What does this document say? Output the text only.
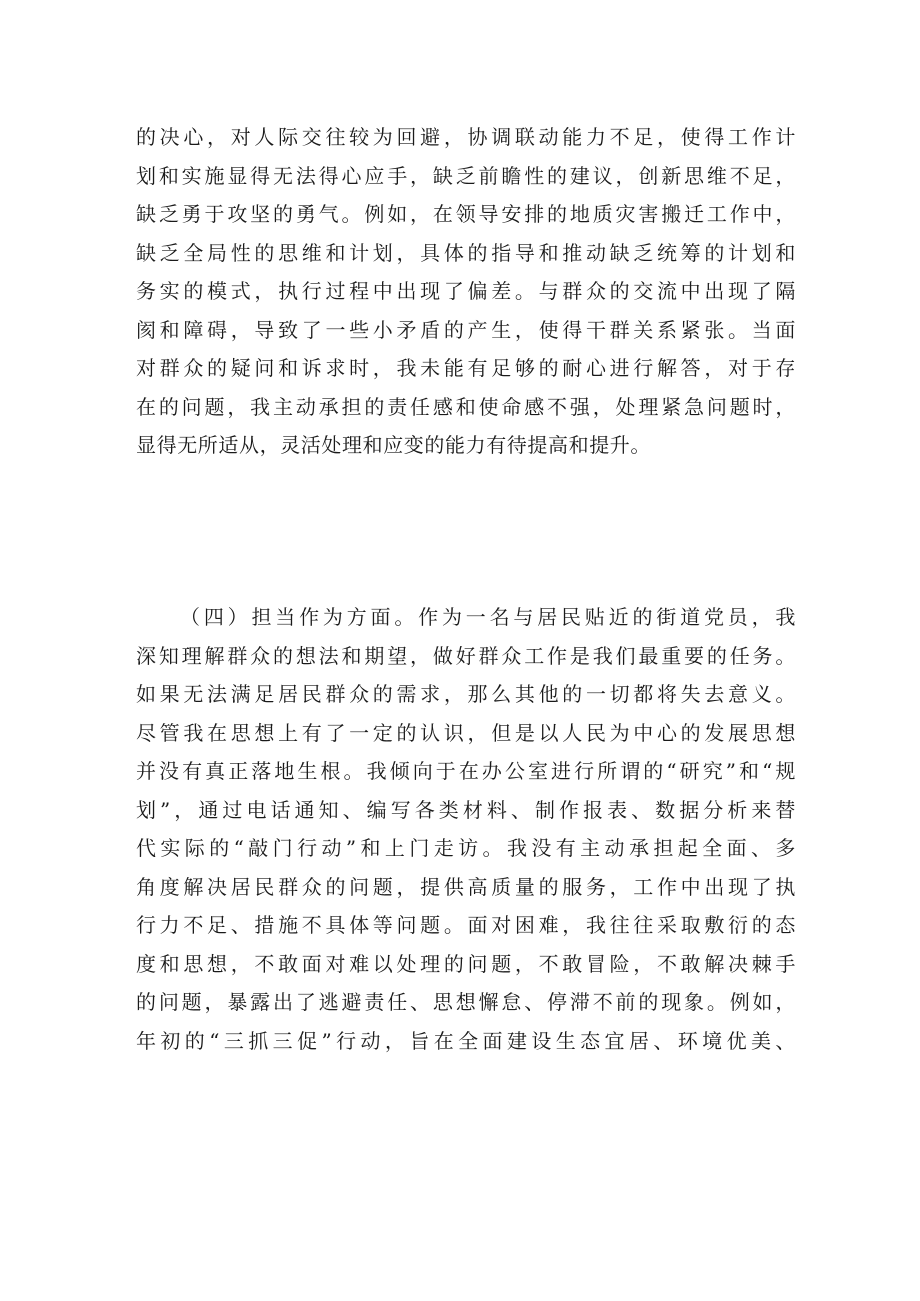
的决心，对人际交往较为回避，协调联动能力不足，使得工作计
划和实施显得无法得心应手，缺乏前瞻性的建议，创新思维不足，
缺乏勇于攻坚的勇气。例如，在领导安排的地质灾害搬迁工作中，
缺乏全局性的思维和计划，具体的指导和推动缺乏统筹的计划和
务实的模式，执行过程中出现了偏差。与群众的交流中出现了隔
阂和障碍，导致了一些小矛盾的产生，使得干群关系紧张。当面
对群众的疑问和诉求时，我未能有足够的耐心进行解答，对于存
在的问题，我主动承担的责任感和使命感不强，处理紧急问题时，
显得无所适从，灵活处理和应变的能力有待提高和提升。
（四）担当作为方面。作为一名与居民贴近的街道党员，我
深知理解群众的想法和期望，做好群众工作是我们最重要的任务。
如果无法满足居民群众的需求，那么其他的一切都将失去意义。
尽管我在思想上有了一定的认识，但是以人民为中心的发展思想
并没有真正落地生根。我倾向于在办公室进行所谓的“研究”和“规
划”，通过电话通知、编写各类材料、制作报表、数据分析来替
代实际的“敲门行动”和上门走访。我没有主动承担起全面、多
角度解决居民群众的问题，提供高质量的服务，工作中出现了执
行力不足、措施不具体等问题。面对困难，我往往采取敷衍的态
度和思想，不敢面对难以处理的问题，不敢冒险，不敢解决棘手
的问题，暴露出了逃避责任、思想懈怠、停滞不前的现象。例如，
年初的“三抓三促”行动，旨在全面建设生态宜居、环境优美、
